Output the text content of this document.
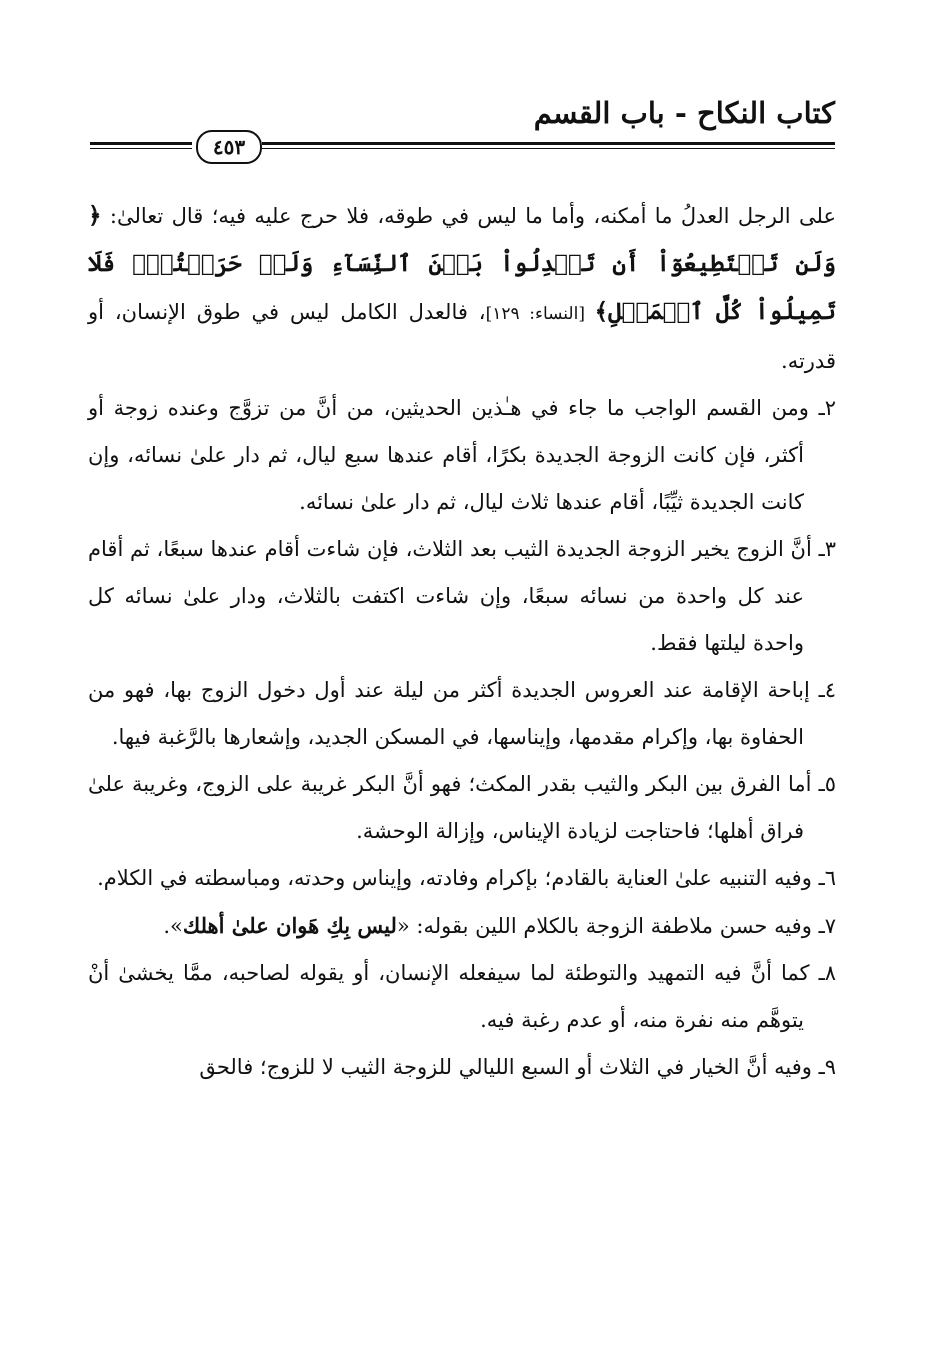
كتاب النكاح - باب القسم
٤٥٣

على الرجل العدلُ ما أمكنه، وأما ما ليس في طوقه، فلا حرج عليه فيه؛ قال تعالىٰ: ﴿ وَلَن تَسۡتَطِيعُوٓاْ أَن تَعۡدِلُواْ بَيۡنَ ٱلنِّسَآءِ وَلَوۡ حَرَصۡتُمۡۖ فَلَا تَمِيلُواْ كُلَّ ٱلۡمَيۡلِ﴾ [النساء: ١٢٩]، فالعدل الكامل ليس في طوق الإنسان، أو قدرته.

٢ـ ومن القسم الواجب ما جاء في هـٰذين الحديثين، من أنَّ من تزوَّج وعنده زوجة أو أكثر، فإن كانت الزوجة الجديدة بكرًا، أقام عندها سبع ليال، ثم دار علىٰ نسائه، وإن كانت الجديدة ثيِّبًا، أقام عندها ثلاث ليال، ثم دار علىٰ نسائه.

٣ـ أنَّ الزوج يخير الزوجة الجديدة الثيب بعد الثلاث، فإن شاءت أقام عندها سبعًا، ثم أقام عند كل واحدة من نسائه سبعًا، وإن شاءت اكتفت بالثلاث، ودار علىٰ نسائه كل واحدة ليلتها فقط.

٤ـ إباحة الإقامة عند العروس الجديدة أكثر من ليلة عند أول دخول الزوج بها، فهو من الحفاوة بها، وإكرام مقدمها، وإيناسها، في المسكن الجديد، وإشعارها بالرَّغبة فيها.

٥ـ أما الفرق بين البكر والثيب بقدر المكث؛ فهو أنَّ البكر غريبة على الزوج، وغريبة علىٰ فراق أهلها؛ فاحتاجت لزيادة الإيناس، وإزالة الوحشة.

٦ـ وفيه التنبيه علىٰ العناية بالقادم؛ بإكرام وفادته، وإيناس وحدته، ومباسطته في الكلام.

٧ـ وفيه حسن ملاطفة الزوجة بالكلام اللين بقوله: «ليس بِكِ هَوان علىٰ أهلك».

٨ـ كما أنَّ فيه التمهيد والتوطئة لما سيفعله الإنسان، أو يقوله لصاحبه، ممَّا يخشىٰ أنْ يتوهَّم منه نفرة منه، أو عدم رغبة فيه.

٩ـ وفيه أنَّ الخيار في الثلاث أو السبع الليالي للزوجة الثيب لا للزوج؛ فالحق
